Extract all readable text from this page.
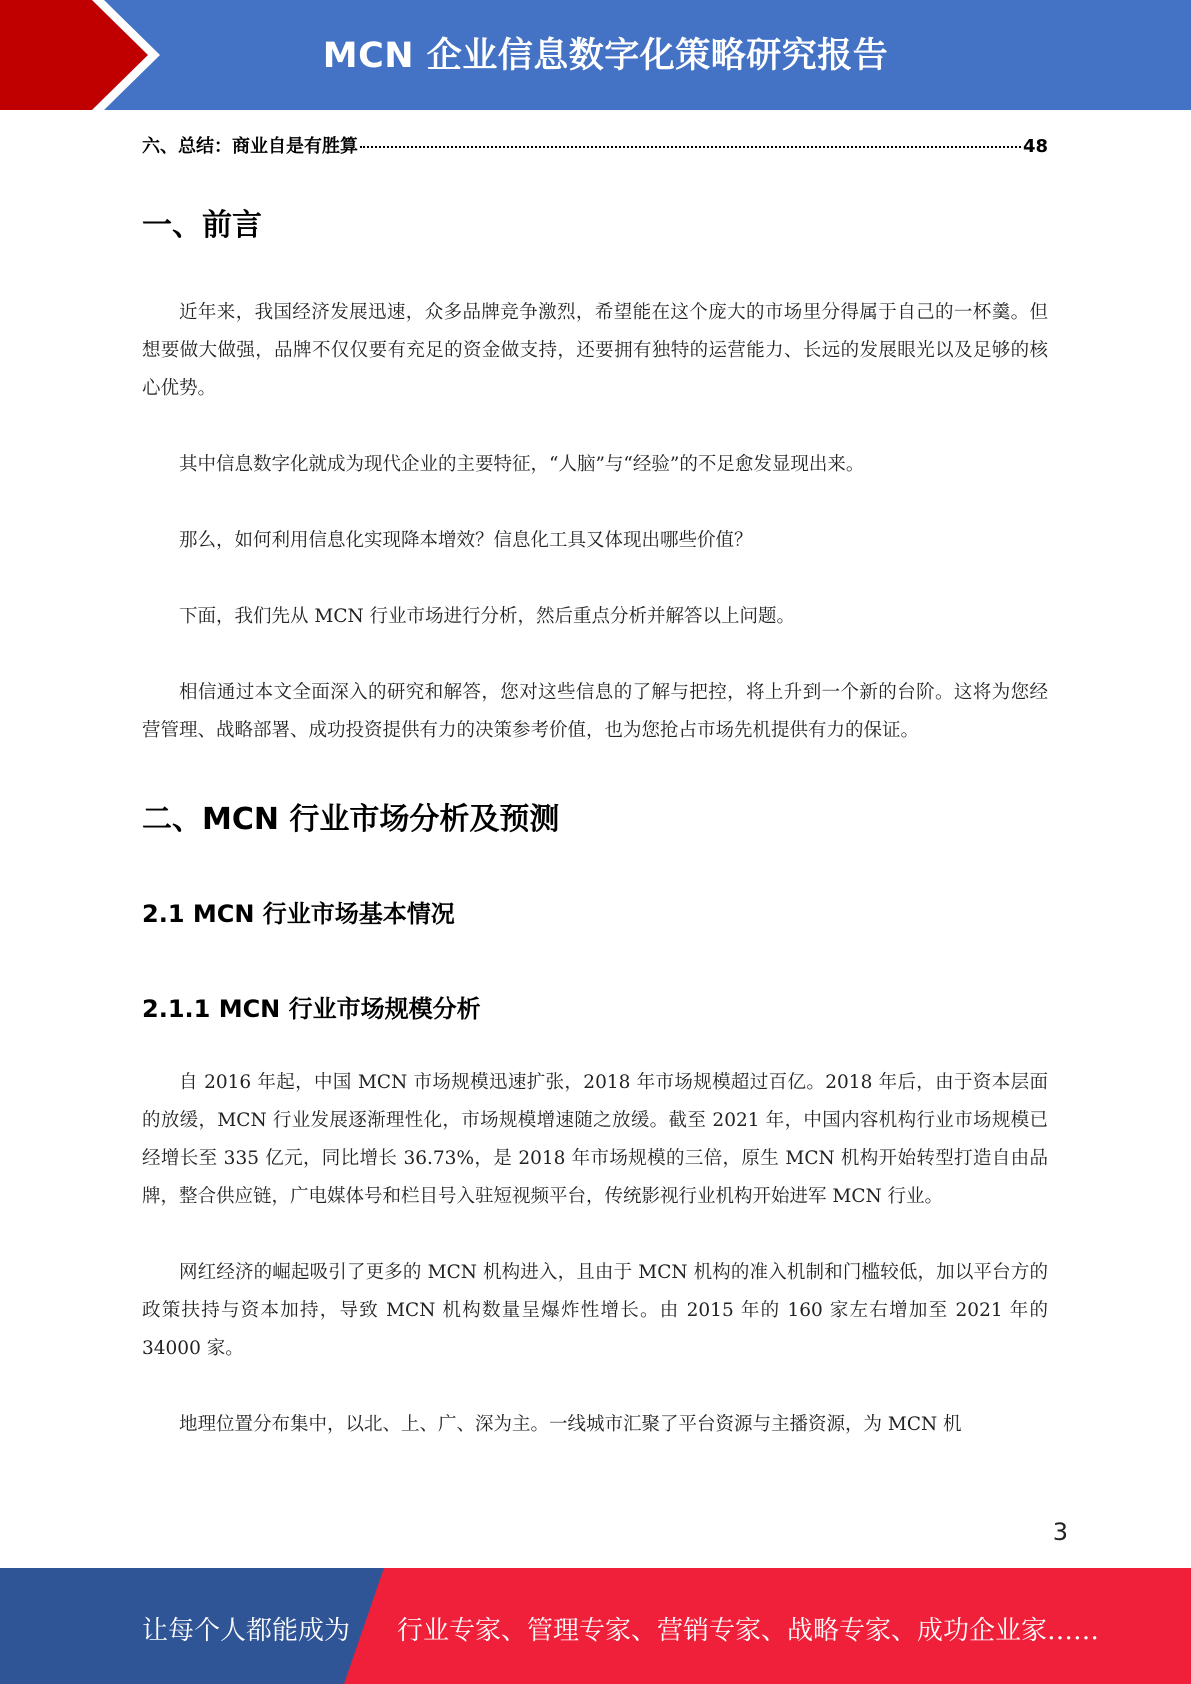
MCN 企业信息数字化策略研究报告
六、总结：商业自是有胜算	48
一、前言

近年来，我国经济发展迅速，众多品牌竞争激烈，希望能在这个庞大的市场里分得属于自己的一杯羹。但想要做大做强，品牌不仅仅要有充足的资金做支持，还要拥有独特的运营能力、长远的发展眼光以及足够的核心优势。

其中信息数字化就成为现代企业的主要特征，“人脑”与“经验”的不足愈发显现出来。

那么，如何利用信息化实现降本增效？信息化工具又体现出哪些价值？

下面，我们先从 MCN 行业市场进行分析，然后重点分析并解答以上问题。

相信通过本文全面深入的研究和解答，您对这些信息的了解与把控，将上升到一个新的台阶。这将为您经营管理、战略部署、成功投资提供有力的决策参考价值，也为您抢占市场先机提供有力的保证。

二、MCN 行业市场分析及预测
2.1 MCN 行业市场基本情况
2.1.1 MCN 行业市场规模分析

自 2016 年起，中国 MCN 市场规模迅速扩张，2018 年市场规模超过百亿。2018 年后，由于资本层面的放缓，MCN 行业发展逐渐理性化，市场规模增速随之放缓。截至 2021 年，中国内容机构行业市场规模已经增长至 335 亿元，同比增长 36.73%，是 2018 年市场规模的三倍，原生 MCN 机构开始转型打造自由品牌，整合供应链，广电媒体号和栏目号入驻短视频平台，传统影视行业机构开始进军 MCN 行业。

网红经济的崛起吸引了更多的 MCN 机构进入，且由于 MCN 机构的准入机制和门槛较低，加以平台方的政策扶持与资本加持，导致 MCN 机构数量呈爆炸性增长。由 2015 年的 160 家左右增加至 2021 年的 34000 家。

地理位置分布集中，以北、上、广、深为主。一线城市汇聚了平台资源与主播资源，为 MCN 机

3
让每个人都能成为 行业专家、管理专家、营销专家、战略专家、成功企业家……
